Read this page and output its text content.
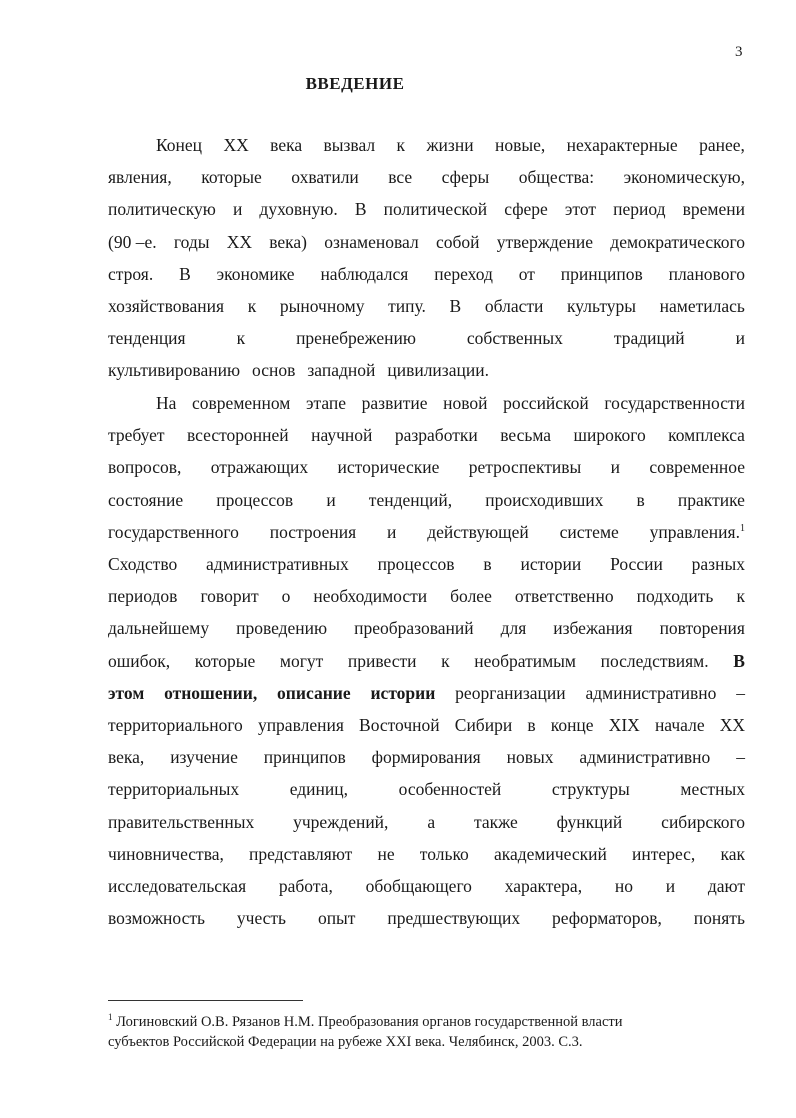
3
ВВЕДЕНИЕ
Конец XX века вызвал к жизни новые, нехарактерные ранее,
явления, которые охватили все сферы общества: экономическую,
политическую и духовную. В политической сфере этот период времени
(90 –е. годы XX века) ознаменовал собой утверждение демократического
строя. В экономике наблюдался переход от принципов планового
хозяйствования к рыночному типу. В области культуры наметилась
тенденция	к	пренебрежению	собственных	традиций	и
культивированию основ западной цивилизации.
На современном этапе развитие новой российской государственности
требует всесторонней научной разработки весьма широкого комплекса
вопросов, отражающих исторические ретроспективы и современное
состояние процессов и тенденций, происходивших в практике
государственного построения и действующей системе управления.$^1$
Сходство административных процессов в истории России разных
периодов говорит о необходимости более ответственно подходить к
дальнейшему проведению преобразований для избежания повторения
ошибок, которые могут привести к необратимым последствиям. В
этом отношении, описание истории реорганизации административно –
территориального управления Восточной Сибири в конце XIX начале XX
века, изучение принципов формирования новых административно –
территориальных	единиц,	особенностей	структуры	местных
правительственных учреждений, а также функций сибирского
чиновничества, представляют не только академический интерес, как
исследовательская работа, обобщающего характера, но и дают
возможность учесть опыт предшествующих реформаторов, понять
$^1$ Логиновский О.В. Рязанов Н.М. Преобразования органов государственной власти
субъектов Российской Федерации на рубеже XXI века. Челябинск, 2003. С.3.
